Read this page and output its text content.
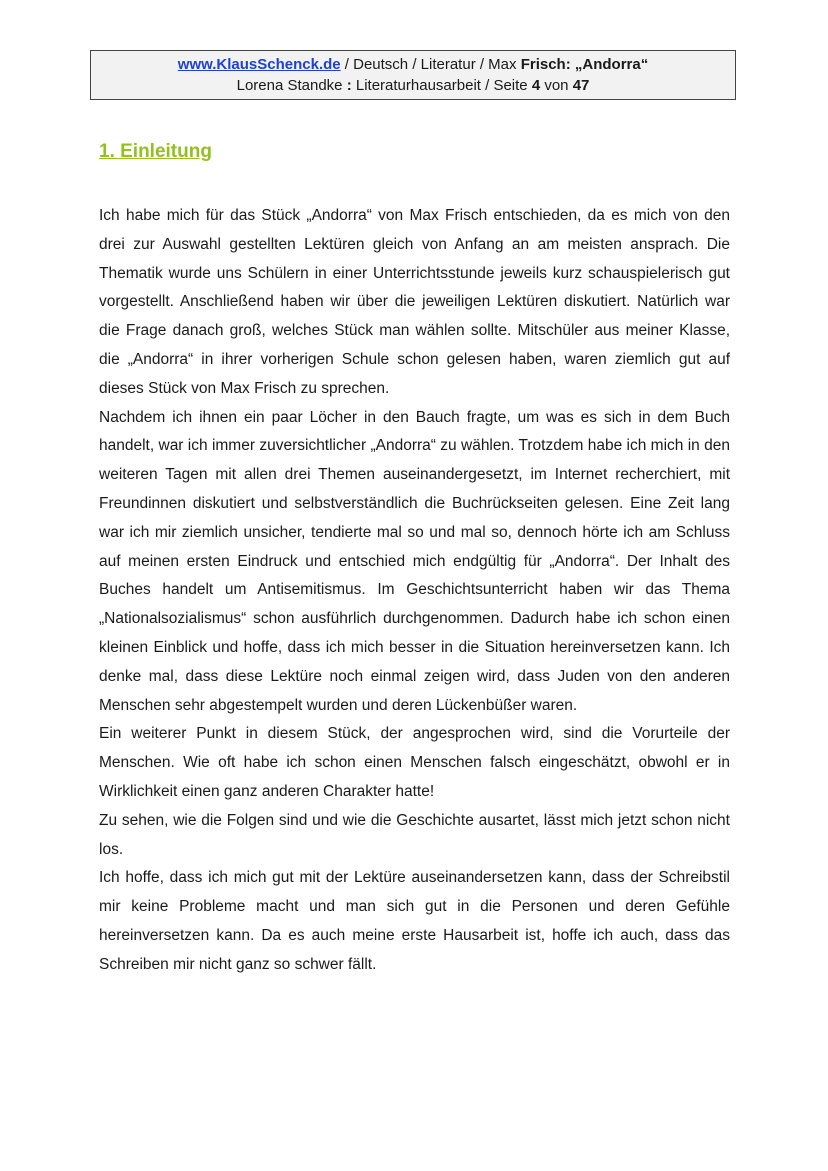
www.KlausSchenck.de / Deutsch / Literatur / Max Frisch: „Andorra“
Lorena Standke : Literaturhausarbeit / Seite 4 von 47
1. Einleitung

Ich habe mich für das Stück „Andorra“ von Max Frisch entschieden, da es mich von den drei zur Auswahl gestellten Lektüren gleich von Anfang an am meisten ansprach. Die Thematik wurde uns Schülern in einer Unterrichtsstunde jeweils kurz schauspielerisch gut vorgestellt. Anschließend haben wir über die jeweiligen Lektüren diskutiert. Natürlich war die Frage danach groß, welches Stück man wählen sollte. Mitschüler aus meiner Klasse, die „Andorra“ in ihrer vorherigen Schule schon gelesen haben, waren ziemlich gut auf dieses Stück von Max Frisch zu sprechen.

Nachdem ich ihnen ein paar Löcher in den Bauch fragte, um was es sich in dem Buch handelt, war ich immer zuversichtlicher „Andorra“ zu wählen. Trotzdem habe ich mich in den weiteren Tagen mit allen drei Themen auseinandergesetzt, im Internet recherchiert, mit Freundinnen diskutiert und selbstverständlich die Buchrückseiten gelesen. Eine Zeit lang war ich mir ziemlich unsicher, tendierte mal so und mal so, dennoch hörte ich am Schluss auf meinen ersten Eindruck und entschied mich endgültig für „Andorra“. Der Inhalt des Buches handelt um Antisemitismus. Im Geschichtsunterricht haben wir das Thema „Nationalsozialismus“ schon ausführlich durchgenommen. Dadurch habe ich schon einen kleinen Einblick und hoffe, dass ich mich besser in die Situation hereinversetzen kann. Ich denke mal, dass diese Lektüre noch einmal zeigen wird, dass Juden von den anderen Menschen sehr abgestempelt wurden und deren Lückenbüßer waren.

Ein weiterer Punkt in diesem Stück, der angesprochen wird, sind die Vorurteile der Menschen. Wie oft habe ich schon einen Menschen falsch eingeschätzt, obwohl er in Wirklichkeit einen ganz anderen Charakter hatte!

Zu sehen, wie die Folgen sind und wie die Geschichte ausartet, lässt mich jetzt schon nicht los.

Ich hoffe, dass ich mich gut mit der Lektüre auseinandersetzen kann, dass der Schreibstil mir keine Probleme macht und man sich gut in die Personen und deren Gefühle hereinversetzen kann. Da es auch meine erste Hausarbeit ist, hoffe ich auch, dass das Schreiben mir nicht ganz so schwer fällt.
